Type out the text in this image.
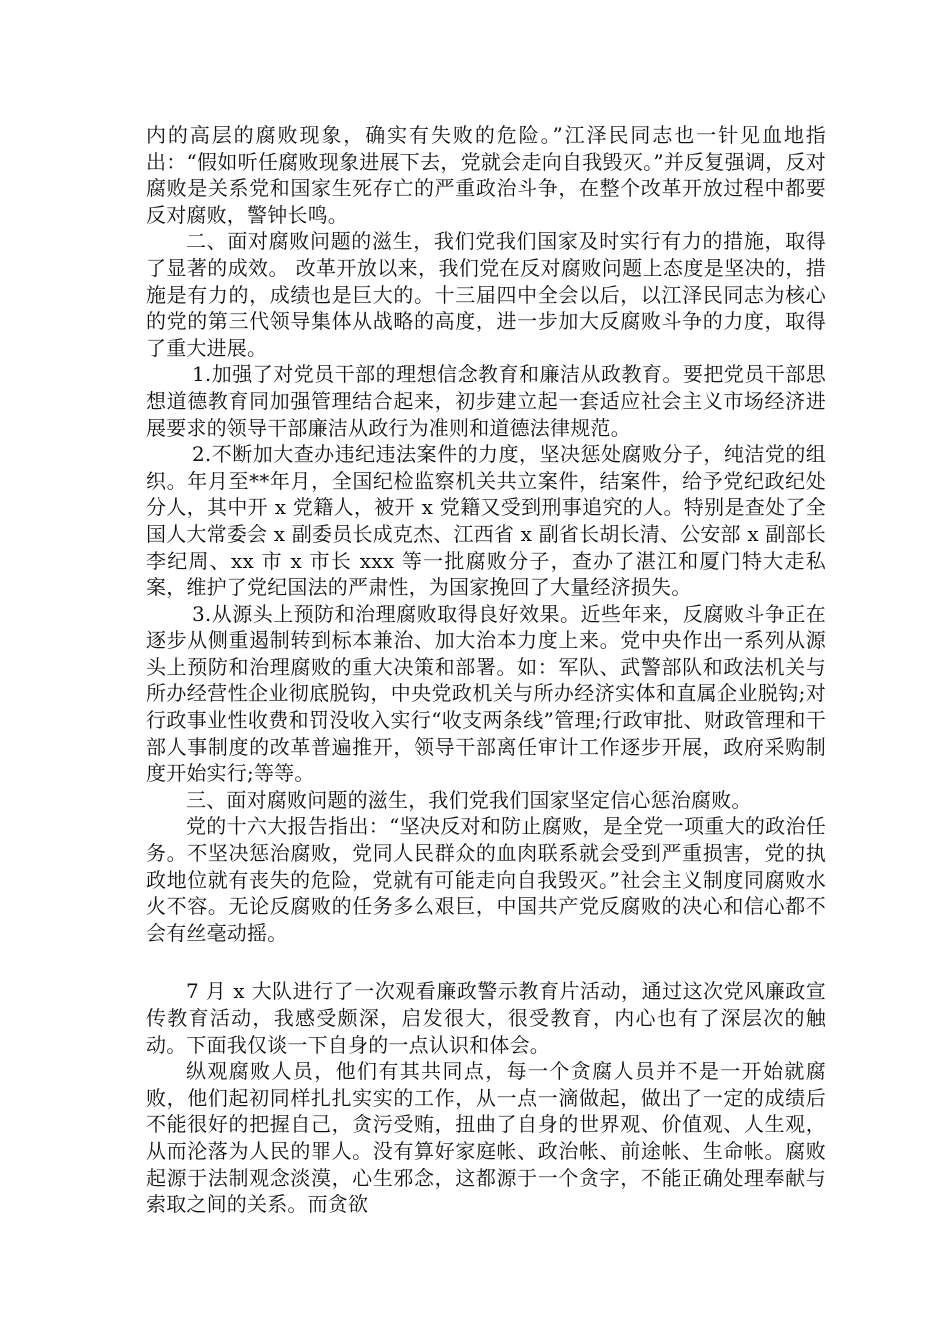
内的高层的腐败现象，确实有失败的危险。”江泽民同志也一针见血地指出：“假如听任腐败现象进展下去，党就会走向自我毁灭。”并反复强调，反对腐败是关系党和国家生死存亡的严重政治斗争，在整个改革开放过程中都要反对腐败，警钟长鸣。

二、面对腐败问题的滋生，我们党我们国家及时实行有力的措施，取得了显著的成效。 改革开放以来，我们党在反对腐败问题上态度是坚决的，措施是有力的，成绩也是巨大的。十三届四中全会以后，以江泽民同志为核心的党的第三代领导集体从战略的高度，进一步加大反腐败斗争的力度，取得了重大进展。

1.加强了对党员干部的理想信念教育和廉洁从政教育。要把党员干部思想道德教育同加强管理结合起来，初步建立起一套适应社会主义市场经济进展要求的领导干部廉洁从政行为准则和道德法律规范。

2.不断加大查办违纪违法案件的力度，坚决惩处腐败分子，纯洁党的组织。年月至**年月，全国纪检监察机关共立案件，结案件，给予党纪政纪处分人，其中开 x 党籍人，被开 x 党籍又受到刑事追究的人。特别是查处了全国人大常委会 x 副委员长成克杰、江西省 x 副省长胡长清、公安部 x 副部长李纪周、xx 市 x 市长 xxx 等一批腐败分子，查办了湛江和厦门特大走私案，维护了党纪国法的严肃性，为国家挽回了大量经济损失。

3.从源头上预防和治理腐败取得良好效果。近些年来，反腐败斗争正在逐步从侧重遏制转到标本兼治、加大治本力度上来。党中央作出一系列从源头上预防和治理腐败的重大决策和部署。如：军队、武警部队和政法机关与所办经营性企业彻底脱钩，中央党政机关与所办经济实体和直属企业脱钩;对行政事业性收费和罚没收入实行“收支两条线”管理;行政审批、财政管理和干部人事制度的改革普遍推开，领导干部离任审计工作逐步开展，政府采购制度开始实行;等等。

三、面对腐败问题的滋生，我们党我们国家坚定信心惩治腐败。

党的十六大报告指出：“坚决反对和防止腐败，是全党一项重大的政治任务。不坚决惩治腐败，党同人民群众的血肉联系就会受到严重损害，党的执政地位就有丧失的危险，党就有可能走向自我毁灭。”社会主义制度同腐败水火不容。无论反腐败的任务多么艰巨，中国共产党反腐败的决心和信心都不会有丝毫动摇。

7 月 x 大队进行了一次观看廉政警示教育片活动，通过这次党风廉政宣传教育活动，我感受颇深，启发很大，很受教育，内心也有了深层次的触动。下面我仅谈一下自身的一点认识和体会。

纵观腐败人员，他们有其共同点，每一个贪腐人员并不是一开始就腐败，他们起初同样扎扎实实的工作，从一点一滴做起，做出了一定的成绩后不能很好的把握自己，贪污受贿，扭曲了自身的世界观、价值观、人生观，从而沦落为人民的罪人。没有算好家庭帐、政治帐、前途帐、生命帐。腐败起源于法制观念淡漠，心生邪念，这都源于一个贪字，不能正确处理奉献与索取之间的关系。而贪欲
